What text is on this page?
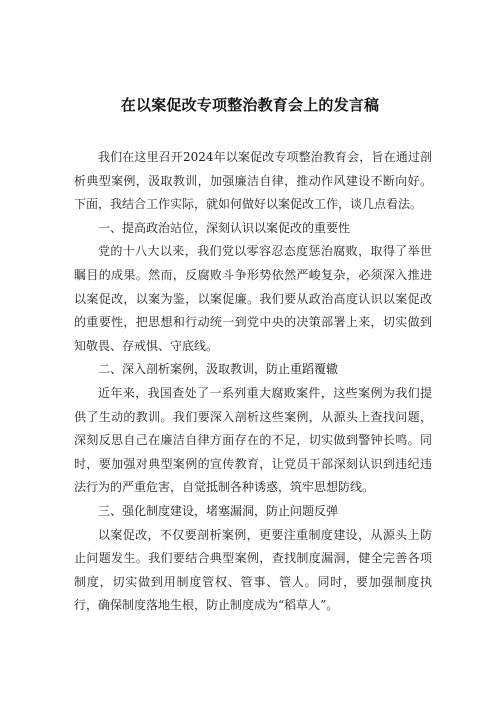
在以案促改专项整治教育会上的发言稿

我们在这里召开2024年以案促改专项整治教育会，旨在通过剖析典型案例，汲取教训，加强廉洁自律，推动作风建设不断向好。下面，我结合工作实际，就如何做好以案促改工作，谈几点看法。

一、提高政治站位，深刻认识以案促改的重要性

党的十八大以来，我们党以零容忍态度惩治腐败，取得了举世瞩目的成果。然而，反腐败斗争形势依然严峻复杂，必须深入推进以案促改，以案为鉴，以案促廉。我们要从政治高度认识以案促改的重要性，把思想和行动统一到党中央的决策部署上来，切实做到知敬畏、存戒惧、守底线。

二、深入剖析案例，汲取教训，防止重蹈覆辙

近年来，我国查处了一系列重大腐败案件，这些案例为我们提供了生动的教训。我们要深入剖析这些案例，从源头上查找问题，深刻反思自己在廉洁自律方面存在的不足，切实做到警钟长鸣。同时，要加强对典型案例的宣传教育，让党员干部深刻认识到违纪违法行为的严重危害，自觉抵制各种诱惑，筑牢思想防线。

三、强化制度建设，堵塞漏洞，防止问题反弹

以案促改，不仅要剖析案例，更要注重制度建设，从源头上防止问题发生。我们要结合典型案例，查找制度漏洞，健全完善各项制度，切实做到用制度管权、管事、管人。同时，要加强制度执行，确保制度落地生根，防止制度成为“稻草人”。
